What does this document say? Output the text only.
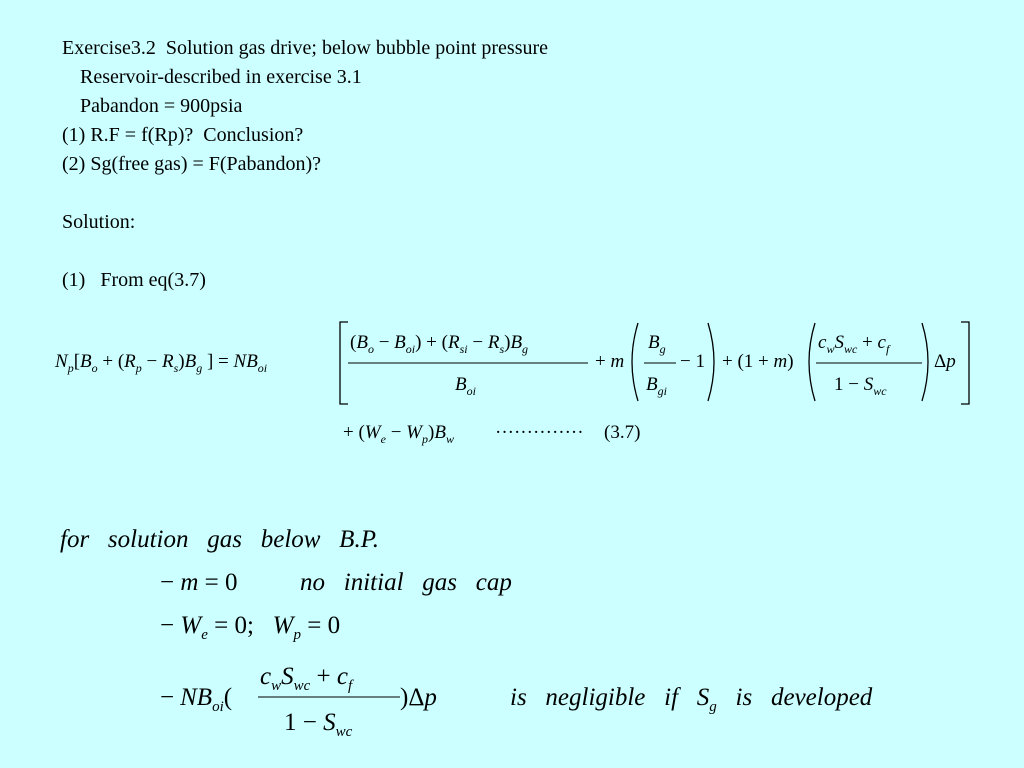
Exercise3.2  Solution gas drive; below bubble point pressure
Reservoir-described in exercise 3.1
Pabandon = 900psia
(1) R.F = f(Rp)?  Conclusion?
(2) Sg(free gas) = F(Pabandon)?
Solution:
(1)   From eq(3.7)
$N_p[B_o + (R_p - R_s)B_g$ ] = $NB_{oi}$
$(B_o - B_{oi}) + (R_{si} - R_s)B_g$
$B_{oi}$
+ m
$B_g$
$B_{gi}$
− 1 + (1 + m)
$c_wS_{wc} + c_f$
$1 - S_{wc}$
Δp
+ $(W_e - W_p)B_w$ ·············· (3.7)
for   solution   gas   below   B.P.
− m = 0          no   initial   gas   cap
− $W_e = 0$;   $W_p = 0$
− $NB_{oi}$(
$c_wS_{wc} + c_f$
$1 - S_{wc}$
)Δp	is   negligible   if   $S_g$   is   developed
